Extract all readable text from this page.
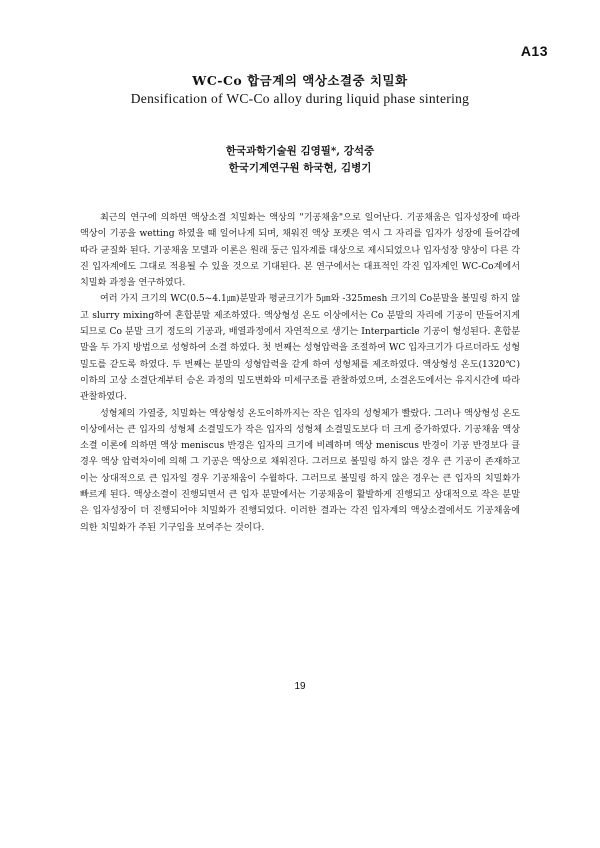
A13
WC-Co 합금계의 액상소결중 치밀화
Densification of WC-Co alloy during liquid phase sintering
한국과학기술원 김영필*, 강석중
한국기계연구원 하국현, 김병기

최근의 연구에 의하면 액상소결 치밀화는 액상의 "기공채움"으로 일어난다. 기공채움은 입자성장에 따라 액상이 기공을 wetting 하였을 때 일어나게 되며, 채워진 액상 포켓은 역시 그 자리를 입자가 성장에 들어감에 따라 균질화 된다. 기공채움 모델과 이론은 원래 둥근 입자계를 대상으로 제시되었으나 입자성장 양상이 다른 각진 입자계에도 그대로 적용될 수 있을 것으로 기대된다. 본 연구에서는 대표적인 각진 입자계인 WC-Co계에서 치밀화 과정을 연구하였다.

여러 가지 크기의 WC(0.5~4.1㎛)분말과 평균크기가 5㎛와 -325mesh 크기의 Co분말을 볼밀링 하지 않고 slurry mixing하여 혼합분말 제조하였다. 액상형성 온도 이상에서는 Co 분말의 자리에 기공이 만들어지게 되므로 Co 분말 크기 정도의 기공과, 배열과정에서 자연적으로 생기는 Interparticle 기공이 형성된다. 혼합분말을 두 가지 방법으로 성형하여 소결 하였다. 첫 번째는 성형압력을 조절하여 WC 입자크기가 다르더라도 성형 밀도를 같도록 하였다. 두 번째는 분말의 성형압력을 같게 하여 성형체를 제조하였다. 액상형성 온도(1320℃)이하의 고상 소결단계부터 승온 과정의 밀도변화와 미세구조를 관찰하였으며, 소결온도에서는 유지시간에 따라 관찰하였다.

성형체의 가열중, 치밀화는 액상형성 온도이하까지는 작은 입자의 성형체가 빨랐다. 그러나 액상형성 온도 이상에서는 큰 입자의 성형체 소결밀도가 작은 입자의 성형체 소결밀도보다 더 크게 증가하였다. 기공채움 액상소결 이론에 의하면 액상 meniscus 반경은 입자의 크기에 비례하며 액상 meniscus 반경이 기공 반경보다 클 경우 액상 압력차이에 의해 그 기공은 액상으로 채워진다. 그러므로 볼밀링 하지 않은 경우 큰 기공이 존재하고 이는 상대적으로 큰 입자일 경우 기공채움이 수월하다. 그러므로 볼밀링 하지 않은 경우는 큰 입자의 치밀화가 빠르게 된다. 액상소결이 진행되면서 큰 입자 분말에서는 기공채움이 활발하게 진행되고 상대적으로 작은 분말은 입자성장이 더 진행되어야 치밀화가 진행되었다. 이러한 결과는 각진 입자계의 액상소결에서도 기공채움에 의한 치밀화가 주된 기구임을 보여주는 것이다.

19
